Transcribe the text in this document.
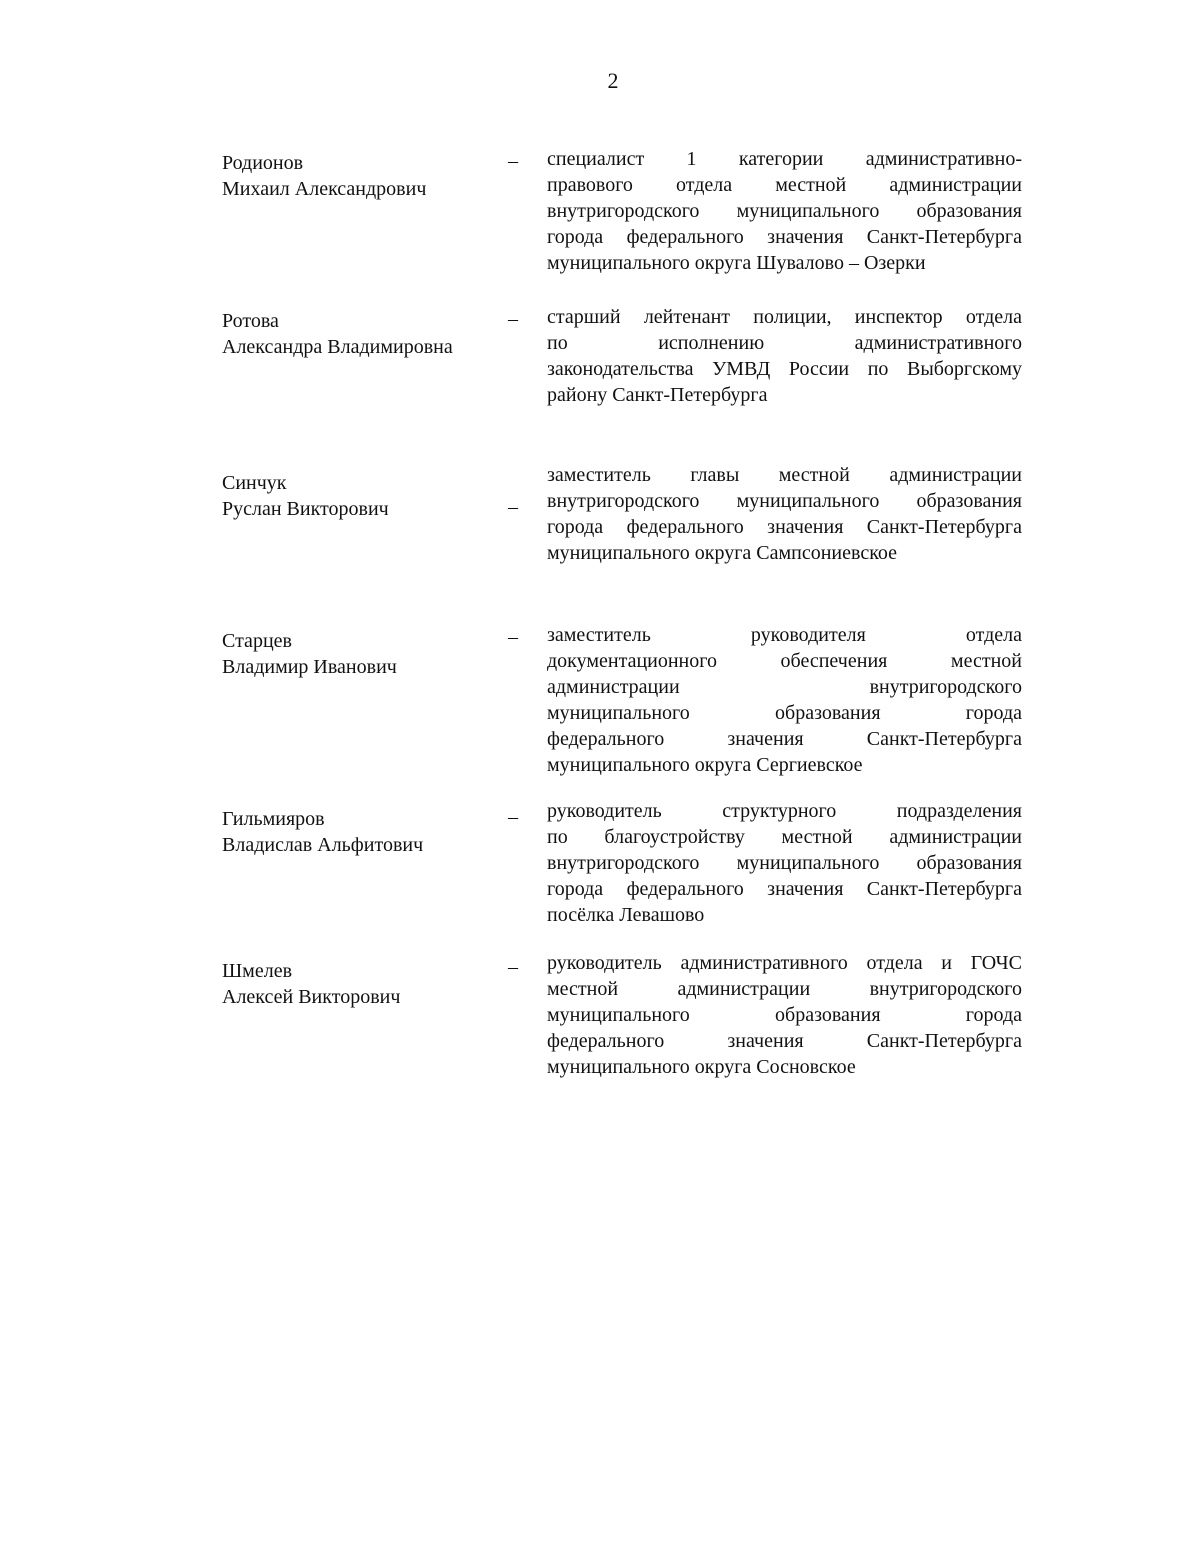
2
Родионов
Михаил Александрович
– специалист 1 категории административно-
правового отдела местной администрации
внутригородского муниципального образования
города федерального значения Санкт-Петербурга
муниципального округа Шувалово – Озерки
Ротова
Александра Владимировна
– старший лейтенант полиции, инспектор отдела
по исполнению административного
законодательства УМВД России по Выборгскому
району Санкт-Петербурга
Синчук
Руслан Викторович	–
заместитель главы местной администрации
внутригородского муниципального образования
города федерального значения Санкт-Петербурга
муниципального округа Сампсониевское
Старцев
Владимир Иванович
– заместитель руководителя отдела
документационного обеспечения местной
администрации внутригородского
муниципального образования города
федерального значения Санкт-Петербурга
муниципального округа Сергиевское
Гильмияров
Владислав Альфитович
– руководитель структурного подразделения
по благоустройству местной администрации
внутригородского муниципального образования
города федерального значения Санкт-Петербурга
посёлка Левашово
Шмелев
Алексей Викторович
– руководитель административного отдела и ГОЧС
местной администрации внутригородского
муниципального образования города
федерального значения Санкт-Петербурга
муниципального округа Сосновское
